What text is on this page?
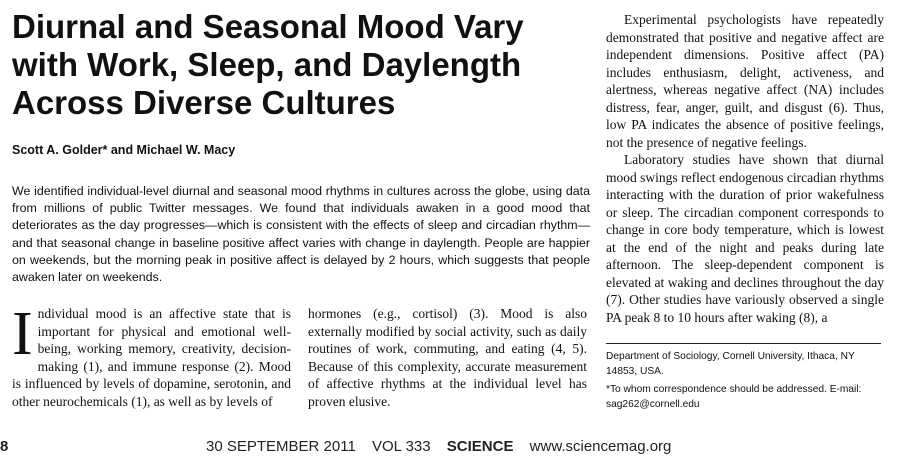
Diurnal and Seasonal Mood Vary with Work, Sleep, and Daylength Across Diverse Cultures
Scott A. Golder* and Michael W. Macy

We identified individual-level diurnal and seasonal mood rhythms in cultures across the globe, using data from millions of public Twitter messages. We found that individuals awaken in a good mood that deteriorates as the day progresses—which is consistent with the effects of sleep and circadian rhythm—and that seasonal change in baseline positive affect varies with change in daylength. People are happier on weekends, but the morning peak in positive affect is delayed by 2 hours, which suggests that people awaken later on weekends.

Individual mood is an affective state that is important for physical and emotional well-being, working memory, creativity, decision-making (1), and immune response (2). Mood is influenced by levels of dopamine, serotonin, and other neurochemicals (1), as well as by levels of

hormones (e.g., cortisol) (3). Mood is also externally modified by social activity, such as daily routines of work, commuting, and eating (4, 5). Because of this complexity, accurate measurement of affective rhythms at the individual level has proven elusive.

Experimental psychologists have repeatedly demonstrated that positive and negative affect are independent dimensions. Positive affect (PA) includes enthusiasm, delight, activeness, and alertness, whereas negative affect (NA) includes distress, fear, anger, guilt, and disgust (6). Thus, low PA indicates the absence of positive feelings, not the presence of negative feelings.

Laboratory studies have shown that diurnal mood swings reflect endogenous circadian rhythms interacting with the duration of prior wakefulness or sleep. The circadian component corresponds to change in core body temperature, which is lowest at the end of the night and peaks during late afternoon. The sleep-dependent component is elevated at waking and declines throughout the day (7). Other studies have variously observed a single PA peak 8 to 10 hours after waking (8), a

Department of Sociology, Cornell University, Ithaca, NY 14853, USA.

*To whom correspondence should be addressed. E-mail: sag262@cornell.edu

8	30 SEPTEMBER 2011 VOL 333 SCIENCE www.sciencemag.org
